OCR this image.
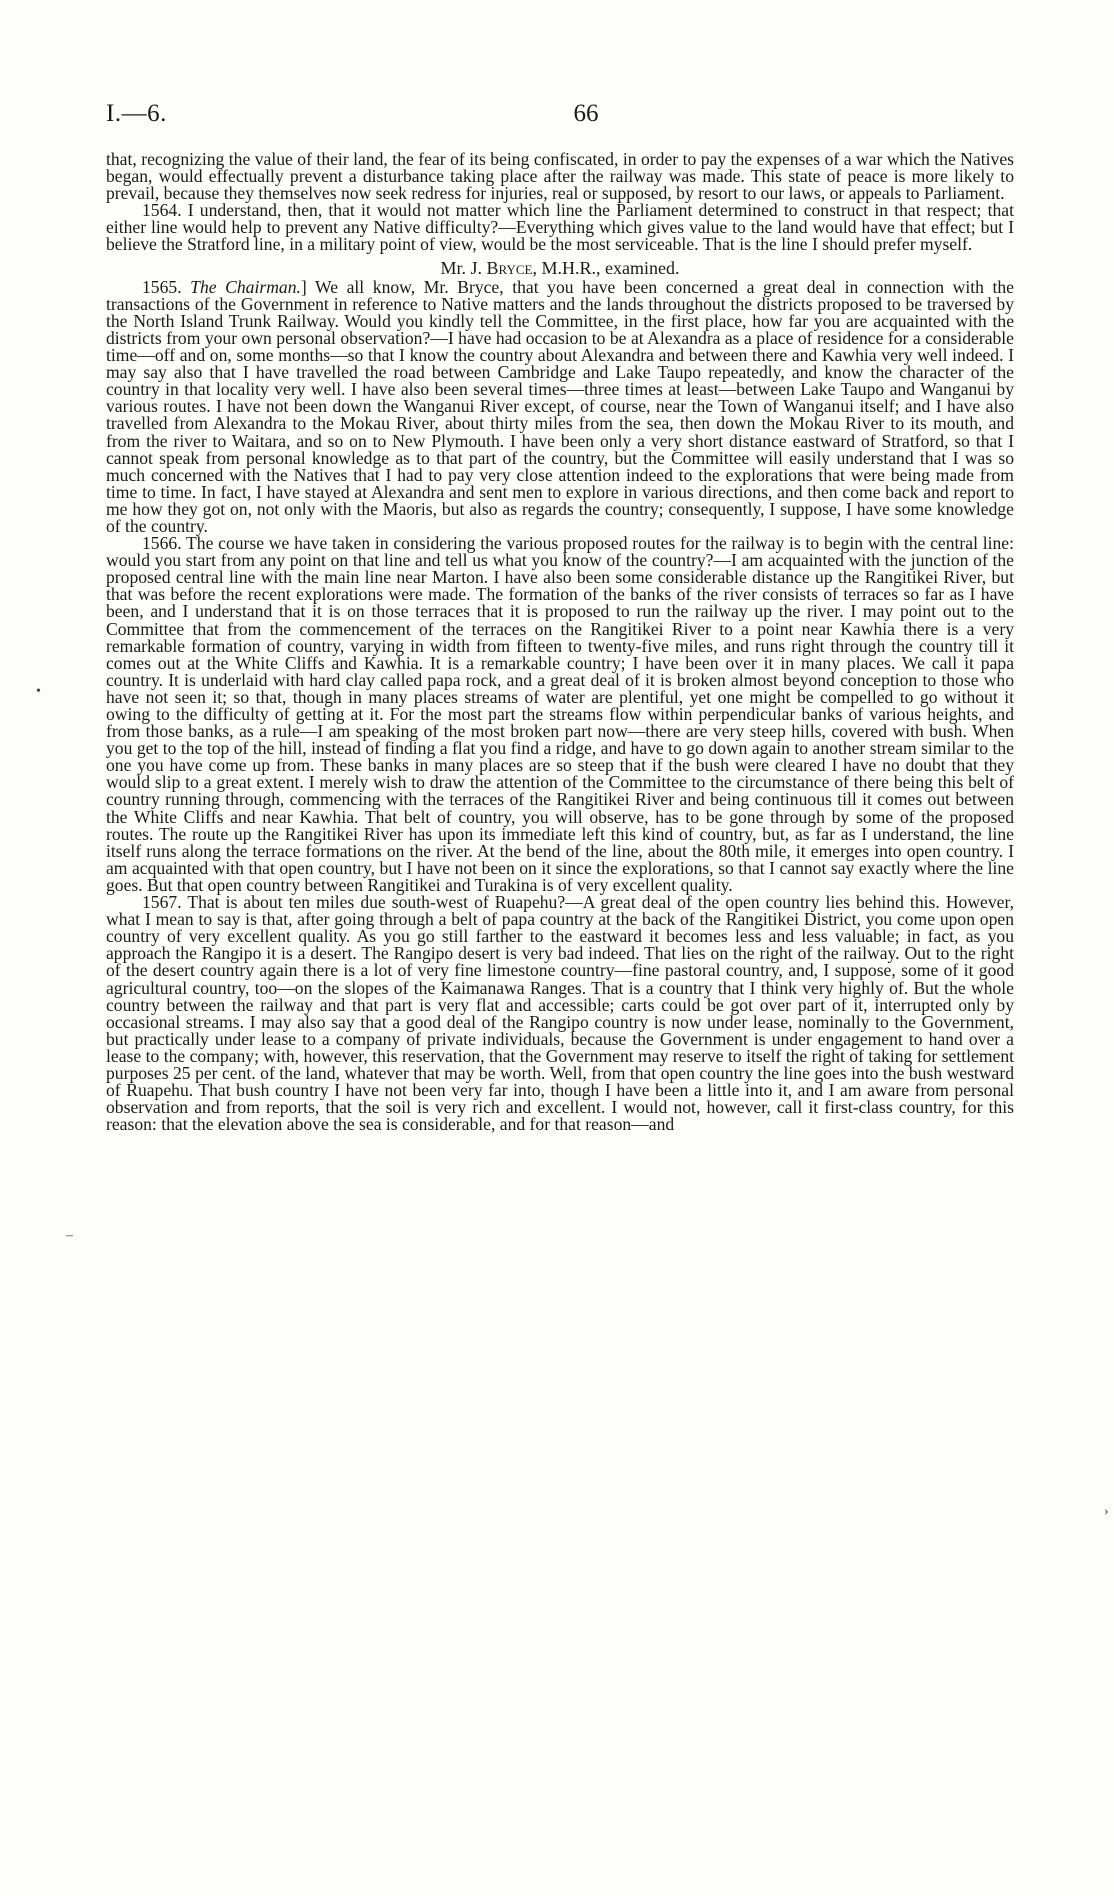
I.—6.	66

that, recognizing the value of their land, the fear of its being confiscated, in order to pay the expenses of a war which the Natives began, would effectually prevent a disturbance taking place after the railway was made. This state of peace is more likely to prevail, because they themselves now seek redress for injuries, real or supposed, by resort to our laws, or appeals to Parliament.

1564. I understand, then, that it would not matter which line the Parliament determined to construct in that respect; that either line would help to prevent any Native difficulty?—Everything which gives value to the land would have that effect; but I believe the Stratford line, in a military point of view, would be the most serviceable. That is the line I should prefer myself.

Mr. J. Bryce, M.H.R., examined.

1565. The Chairman.] We all know, Mr. Bryce, that you have been concerned a great deal in connection with the transactions of the Government in reference to Native matters and the lands throughout the districts proposed to be traversed by the North Island Trunk Railway. Would you kindly tell the Committee, in the first place, how far you are acquainted with the districts from your own personal observation?—I have had occasion to be at Alexandra as a place of residence for a considerable time—off and on, some months—so that I know the country about Alexandra and between there and Kawhia very well indeed. I may say also that I have travelled the road between Cambridge and Lake Taupo repeatedly, and know the character of the country in that locality very well. I have also been several times—three times at least—between Lake Taupo and Wanganui by various routes. I have not been down the Wanganui River except, of course, near the Town of Wanganui itself; and I have also travelled from Alexandra to the Mokau River, about thirty miles from the sea, then down the Mokau River to its mouth, and from the river to Waitara, and so on to New Plymouth. I have been only a very short distance eastward of Stratford, so that I cannot speak from personal knowledge as to that part of the country, but the Committee will easily understand that I was so much concerned with the Natives that I had to pay very close attention indeed to the explorations that were being made from time to time. In fact, I have stayed at Alexandra and sent men to explore in various directions, and then come back and report to me how they got on, not only with the Maoris, but also as regards the country; consequently, I suppose, I have some knowledge of the country.

1566. The course we have taken in considering the various proposed routes for the railway is to begin with the central line: would you start from any point on that line and tell us what you know of the country?—I am acquainted with the junction of the proposed central line with the main line near Marton. I have also been some considerable distance up the Rangitikei River, but that was before the recent explorations were made. The formation of the banks of the river consists of terraces so far as I have been, and I understand that it is on those terraces that it is proposed to run the railway up the river. I may point out to the Committee that from the commencement of the terraces on the Rangitikei River to a point near Kawhia there is a very remarkable formation of country, varying in width from fifteen to twenty-five miles, and runs right through the country till it comes out at the White Cliffs and Kawhia. It is a remarkable country; I have been over it in many places. We call it papa country. It is underlaid with hard clay called papa rock, and a great deal of it is broken almost beyond conception to those who have not seen it; so that, though in many places streams of water are plentiful, yet one might be compelled to go without it owing to the difficulty of getting at it. For the most part the streams flow within perpendicular banks of various heights, and from those banks, as a rule—I am speaking of the most broken part now—there are very steep hills, covered with bush. When you get to the top of the hill, instead of finding a flat you find a ridge, and have to go down again to another stream similar to the one you have come up from. These banks in many places are so steep that if the bush were cleared I have no doubt that they would slip to a great extent. I merely wish to draw the attention of the Committee to the circumstance of there being this belt of country running through, commencing with the terraces of the Rangitikei River and being continuous till it comes out between the White Cliffs and near Kawhia. That belt of country, you will observe, has to be gone through by some of the proposed routes. The route up the Rangitikei River has upon its immediate left this kind of country, but, as far as I understand, the line itself runs along the terrace formations on the river. At the bend of the line, about the 80th mile, it emerges into open country. I am acquainted with that open country, but I have not been on it since the explorations, so that I cannot say exactly where the line goes. But that open country between Rangitikei and Turakina is of very excellent quality.

1567. That is about ten miles due south-west of Ruapehu?—A great deal of the open country lies behind this. However, what I mean to say is that, after going through a belt of papa country at the back of the Rangitikei District, you come upon open country of very excellent quality. As you go still farther to the eastward it becomes less and less valuable; in fact, as you approach the Rangipo it is a desert. The Rangipo desert is very bad indeed. That lies on the right of the railway. Out to the right of the desert country again there is a lot of very fine limestone country—fine pastoral country, and, I suppose, some of it good agricultural country, too—on the slopes of the Kaimanawa Ranges. That is a country that I think very highly of. But the whole country between the railway and that part is very flat and accessible; carts could be got over part of it, interrupted only by occasional streams. I may also say that a good deal of the Rangipo country is now under lease, nominally to the Government, but practically under lease to a company of private individuals, because the Government is under engagement to hand over a lease to the company; with, however, this reservation, that the Government may reserve to itself the right of taking for settlement purposes 25 per cent. of the land, whatever that may be worth. Well, from that open country the line goes into the bush westward of Ruapehu. That bush country I have not been very far into, though I have been a little into it, and I am aware from personal observation and from reports, that the soil is very rich and excellent. I would not, however, call it first-class country, for this reason: that the elevation above the sea is considerable, and for that reason—and

•
–
›
